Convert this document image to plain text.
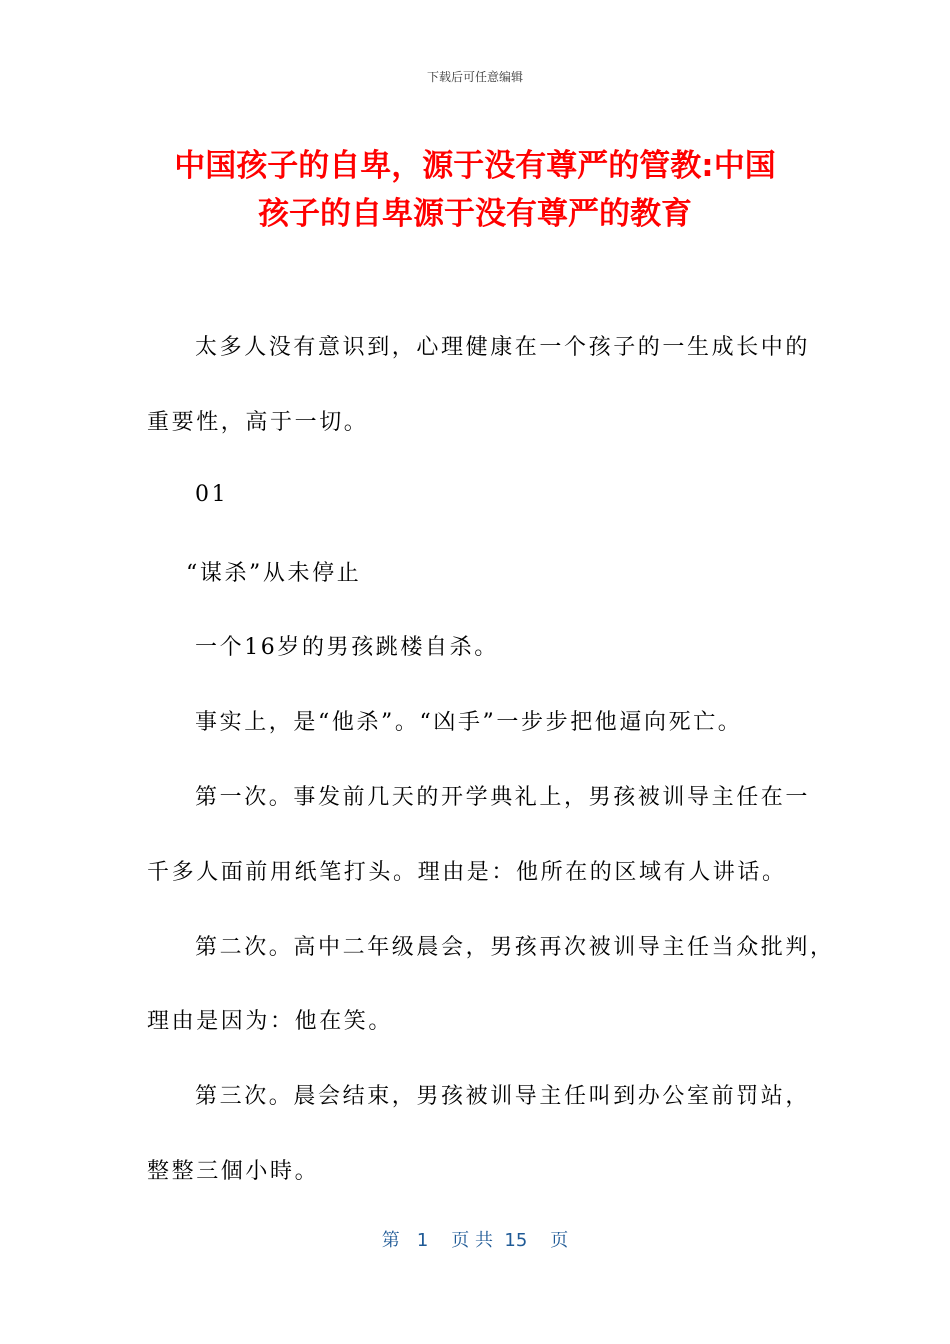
下载后可任意编辑
中国孩子的自卑，源于没有尊严的管教:中国
孩子的自卑源于没有尊严的教育
太多人没有意识到，心理健康在一个孩子的一生成长中的
重要性，高于一切。
01
“谋杀”从未停止
一个16岁的男孩跳楼自杀。
事实上，是“他杀”。“凶手”一步步把他逼向死亡。
第一次。事发前几天的开学典礼上，男孩被训导主任在一
千多人面前用纸笔打头。理由是：他所在的区域有人讲话。
第二次。高中二年级晨会，男孩再次被训导主任当众批判，
理由是因为：他在笑。
第三次。晨会结束，男孩被训导主任叫到办公室前罚站，
整整三個小時。
第   1    页 共  15    页
